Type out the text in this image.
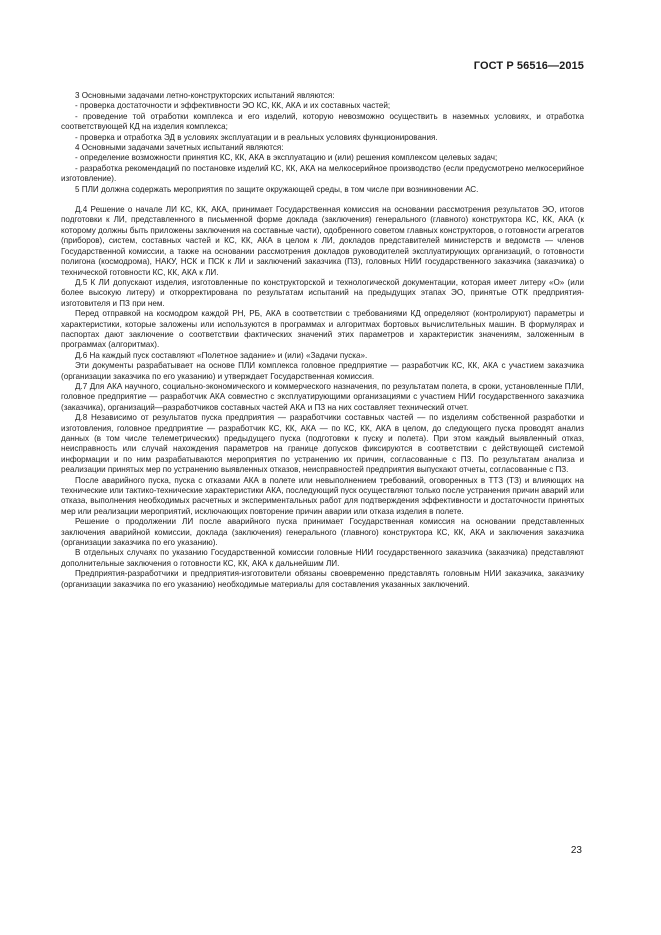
ГОСТ Р 56516—2015

3 Основными задачами летно-конструкторских испытаний являются:

- проверка достаточности и эффективности ЭО КС, КК, АКА и их составных частей;

- проведение той отработки комплекса и его изделий, которую невозможно осуществить в наземных условиях, и отработка соответствующей КД на изделия комплекса;

- проверка и отработка ЭД в условиях эксплуатации и в реальных условиях функционирования.

4 Основными задачами зачетных испытаний являются:

- определение возможности принятия КС, КК, АКА в эксплуатацию и (или) решения комплексом целевых задач;

- разработка рекомендаций по постановке изделий КС, КК, АКА на мелкосерийное производство (если предусмотрено мелкосерийное изготовление).

5 ПЛИ должна содержать мероприятия по защите окружающей среды, в том числе при возникновении АС.

Д.4 Решение о начале ЛИ КС, КК, АКА, принимает Государственная комиссия на основании рассмотрения результатов ЭО, итогов подготовки к ЛИ, представленного в письменной форме доклада (заключения) генерального (главного) конструктора КС, КК, АКА (к которому должны быть приложены заключения на составные части), одобренного советом главных конструкторов, о готовности агрегатов (приборов), систем, составных частей и КС, КК, АКА в целом к ЛИ, докладов представителей министерств и ведомств — членов Государственной комиссии, а также на основании рассмотрения докладов руководителей эксплуатирующих организаций, о готовности полигона (космодрома), НАКУ, НСК и ПСК к ЛИ и заключений заказчика (ПЗ), головных НИИ государственного заказчика (заказчика) о технической готовности КС, КК, АКА к ЛИ.

Д.5 К ЛИ допускают изделия, изготовленные по конструкторской и технологической документации, которая имеет литеру «О» (или более высокую литеру) и откорректирована по результатам испытаний на предыдущих этапах ЭО, принятые ОТК предприятия-изготовителя и ПЗ при нем.

Перед отправкой на космодром каждой РН, РБ, АКА в соответствии с требованиями КД определяют (контролируют) параметры и характеристики, которые заложены или используются в программах и алгоритмах бортовых вычислительных машин. В формулярах и паспортах дают заключение о соответствии фактических значений этих параметров и характеристик значениям, заложенным в программах (алгоритмах).

Д.6 На каждый пуск составляют «Полетное задание» и (или) «Задачи пуска».

Эти документы разрабатывает на основе ПЛИ комплекса головное предприятие — разработчик КС, КК, АКА с участием заказчика (организации заказчика по его указанию) и утверждает Государственная комиссия.

Д.7 Для АКА научного, социально-экономического и коммерческого назначения, по результатам полета, в сроки, установленные ПЛИ, головное предприятие — разработчик АКА совместно с эксплуатирующими организациями с участием НИИ государственного заказчика (заказчика), организаций—разработчиков составных частей АКА и ПЗ на них составляет технический отчет.

Д.8 Независимо от результатов пуска предприятия — разработчики составных частей — по изделиям собственной разработки и изготовления, головное предприятие — разработчик КС, КК, АКА — по КС, КК, АКА в целом, до следующего пуска проводят анализ данных (в том числе телеметрических) предыдущего пуска (подготовки к пуску и полета). При этом каждый выявленный отказ, неисправность или случай нахождения параметров на границе допусков фиксируются в соответствии с действующей системой информации и по ним разрабатываются мероприятия по устранению их причин, согласованные с ПЗ. По результатам анализа и реализации принятых мер по устранению выявленных отказов, неисправностей предприятия выпускают отчеты, согласованные с ПЗ.

После аварийного пуска, пуска с отказами АКА в полете или невыполнением требований, оговоренных в ТТЗ (ТЗ) и влияющих на технические или тактико-технические характеристики АКА, последующий пуск осуществляют только после устранения причин аварий или отказа, выполнения необходимых расчетных и экспериментальных работ для подтверждения эффективности и достаточности принятых мер или реализации мероприятий, исключающих повторение причин аварии или отказа изделия в полете.

Решение о продолжении ЛИ после аварийного пуска принимает Государственная комиссия на основании представленных заключения аварийной комиссии, доклада (заключения) генерального (главного) конструктора КС, КК, АКА и заключения заказчика (организации заказчика по его указанию).

В отдельных случаях по указанию Государственной комиссии головные НИИ государственного заказчика (заказчика) представляют дополнительные заключения о готовности КС, КК, АКА к дальнейшим ЛИ.

Предприятия-разработчики и предприятия-изготовители обязаны своевременно представлять головным НИИ заказчика, заказчику (организации заказчика по его указанию) необходимые материалы для составления указанных заключений.

23
